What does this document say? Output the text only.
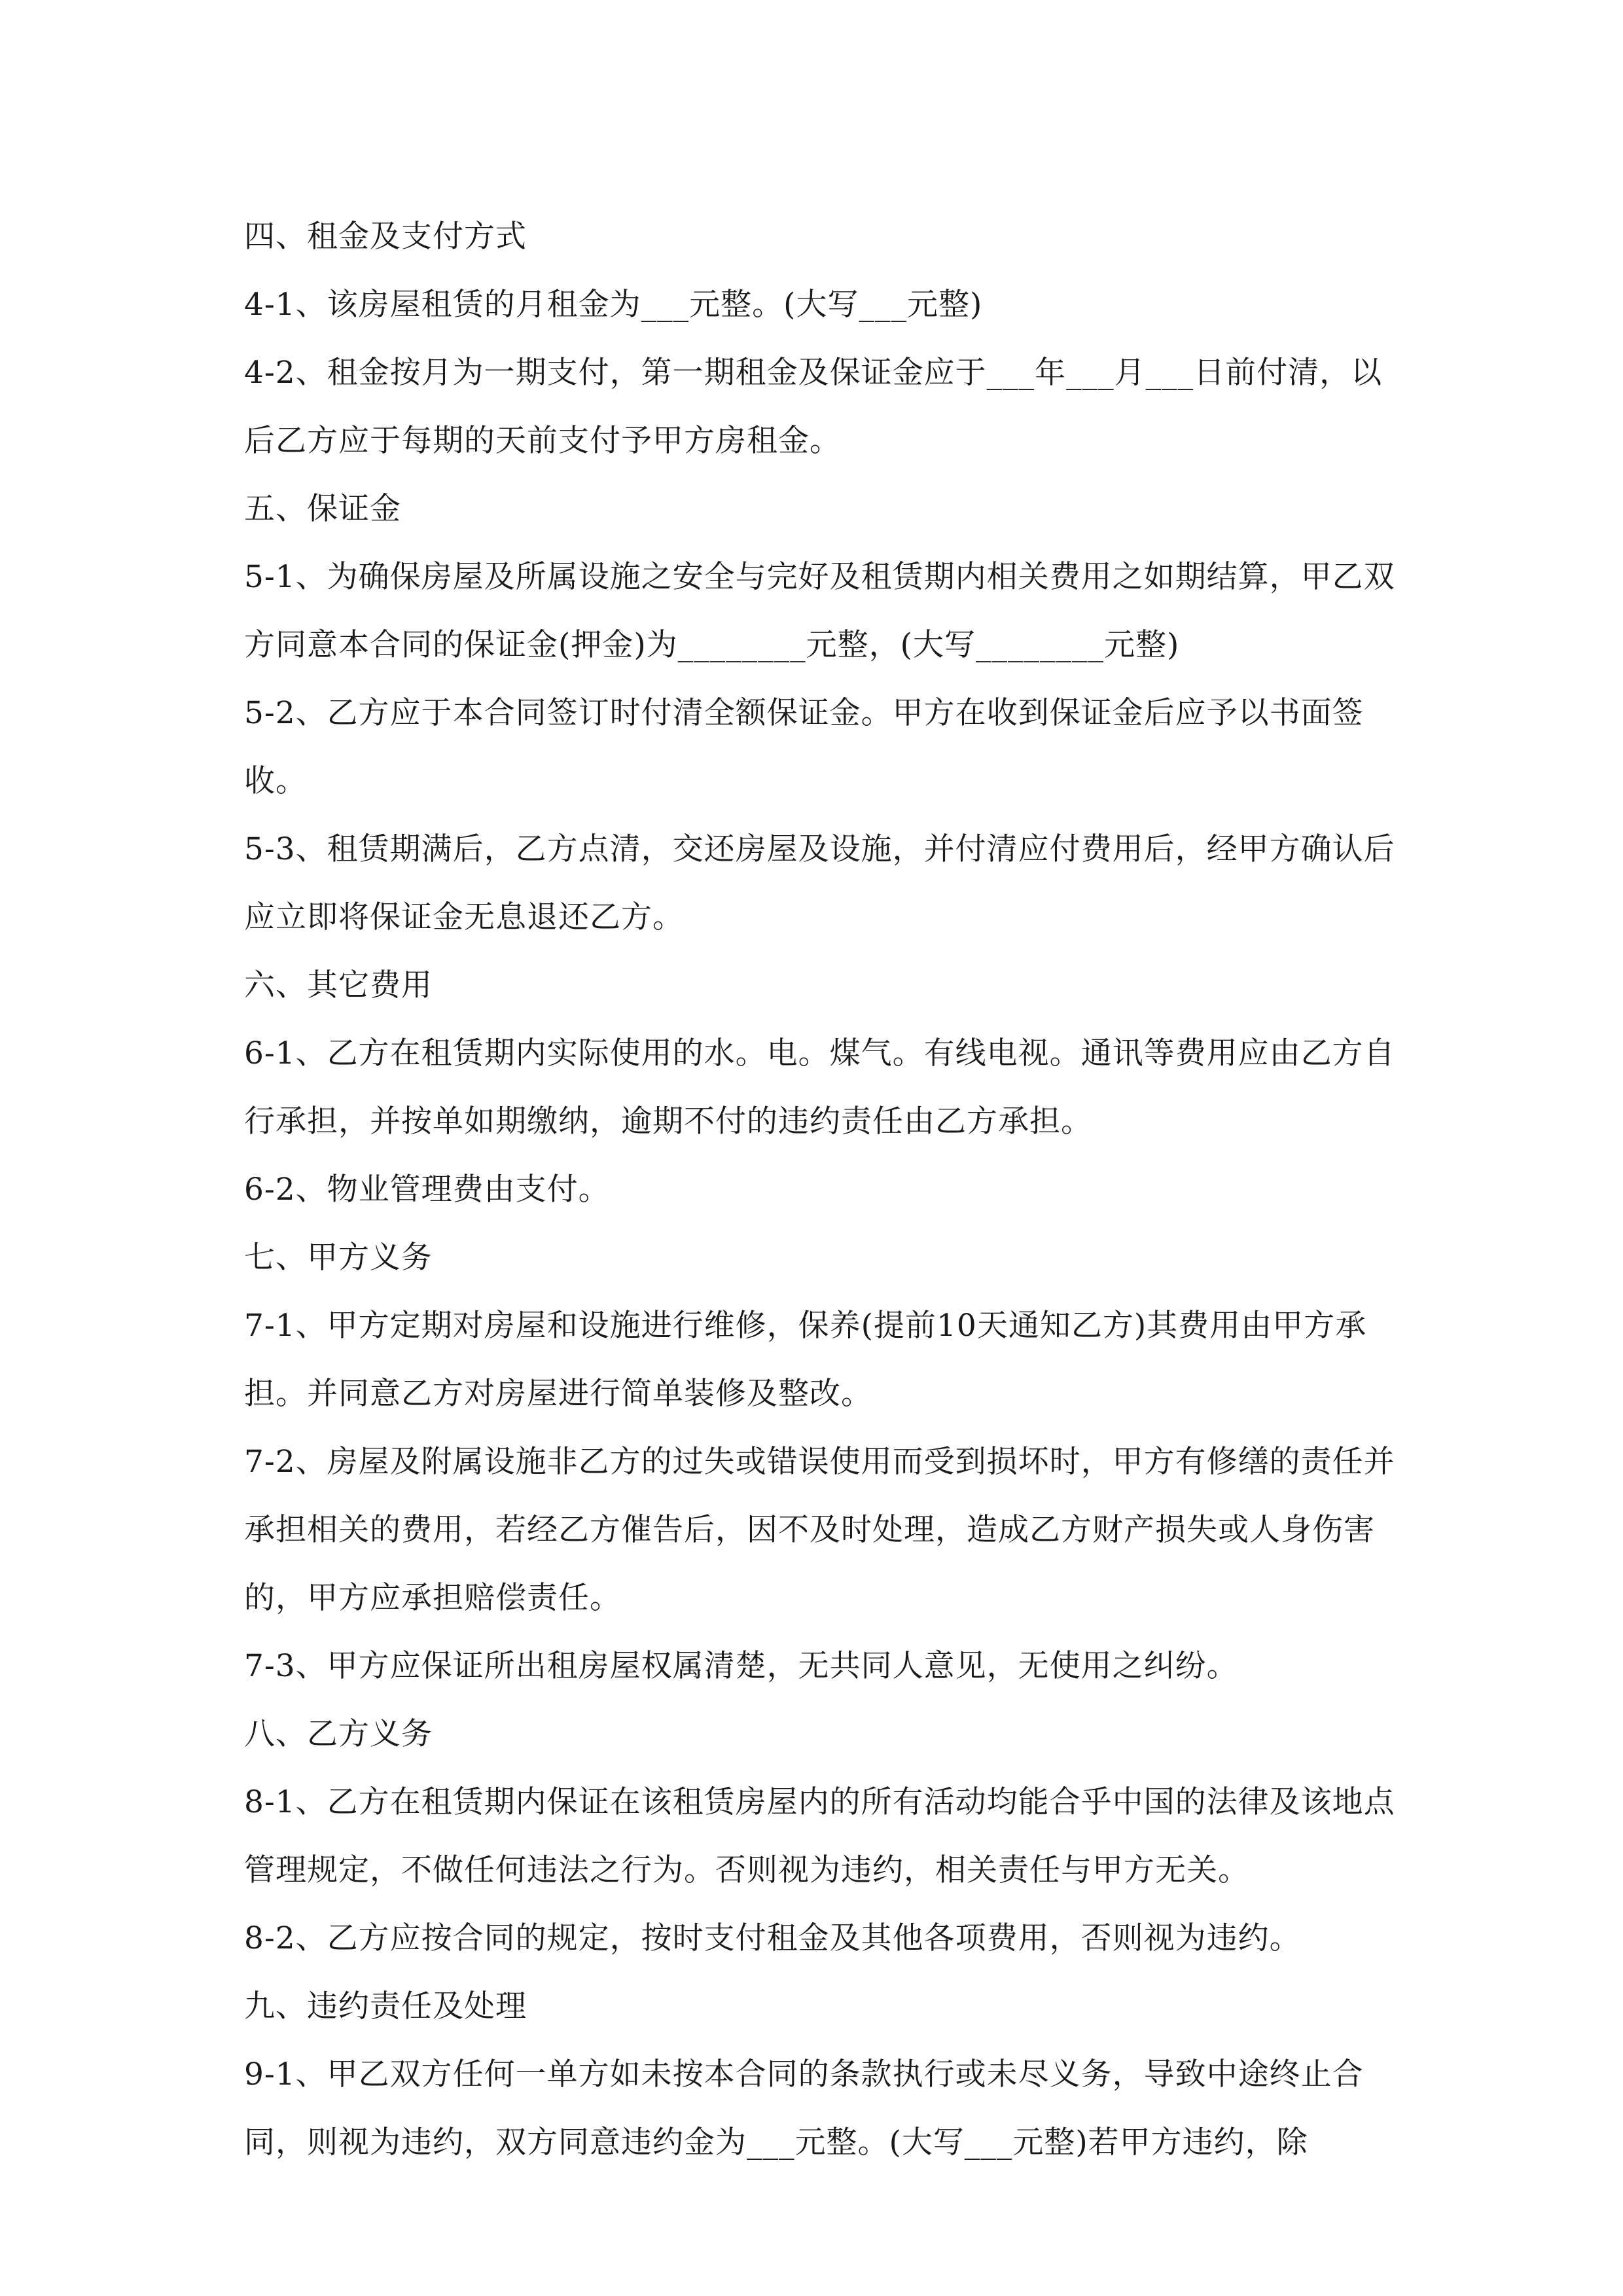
四、租金及支付方式

4-1、该房屋租赁的月租金为___元整。(大写___元整)

4-2、租金按月为一期支付，第一期租金及保证金应于___年___月___日前付清，以后乙方应于每期的天前支付予甲方房租金。

五、保证金

5-1、为确保房屋及所属设施之安全与完好及租赁期内相关费用之如期结算，甲乙双方同意本合同的保证金(押金)为________元整，(大写________元整)

5-2、乙方应于本合同签订时付清全额保证金。甲方在收到保证金后应予以书面签收。

5-3、租赁期满后，乙方点清，交还房屋及设施，并付清应付费用后，经甲方确认后应立即将保证金无息退还乙方。

六、其它费用

6-1、乙方在租赁期内实际使用的水。电。煤气。有线电视。通讯等费用应由乙方自行承担，并按单如期缴纳，逾期不付的违约责任由乙方承担。

6-2、物业管理费由支付。

七、甲方义务

7-1、甲方定期对房屋和设施进行维修，保养(提前10天通知乙方)其费用由甲方承担。并同意乙方对房屋进行简单装修及整改。

7-2、房屋及附属设施非乙方的过失或错误使用而受到损坏时，甲方有修缮的责任并承担相关的费用，若经乙方催告后，因不及时处理，造成乙方财产损失或人身伤害的，甲方应承担赔偿责任。

7-3、甲方应保证所出租房屋权属清楚，无共同人意见，无使用之纠纷。

八、乙方义务

8-1、乙方在租赁期内保证在该租赁房屋内的所有活动均能合乎中国的法律及该地点管理规定，不做任何违法之行为。否则视为违约，相关责任与甲方无关。

8-2、乙方应按合同的规定，按时支付租金及其他各项费用，否则视为违约。

九、违约责任及处理

9-1、甲乙双方任何一单方如未按本合同的条款执行或未尽义务，导致中途终止合同，则视为违约，双方同意违约金为___元整。(大写___元整)若甲方违约，除
